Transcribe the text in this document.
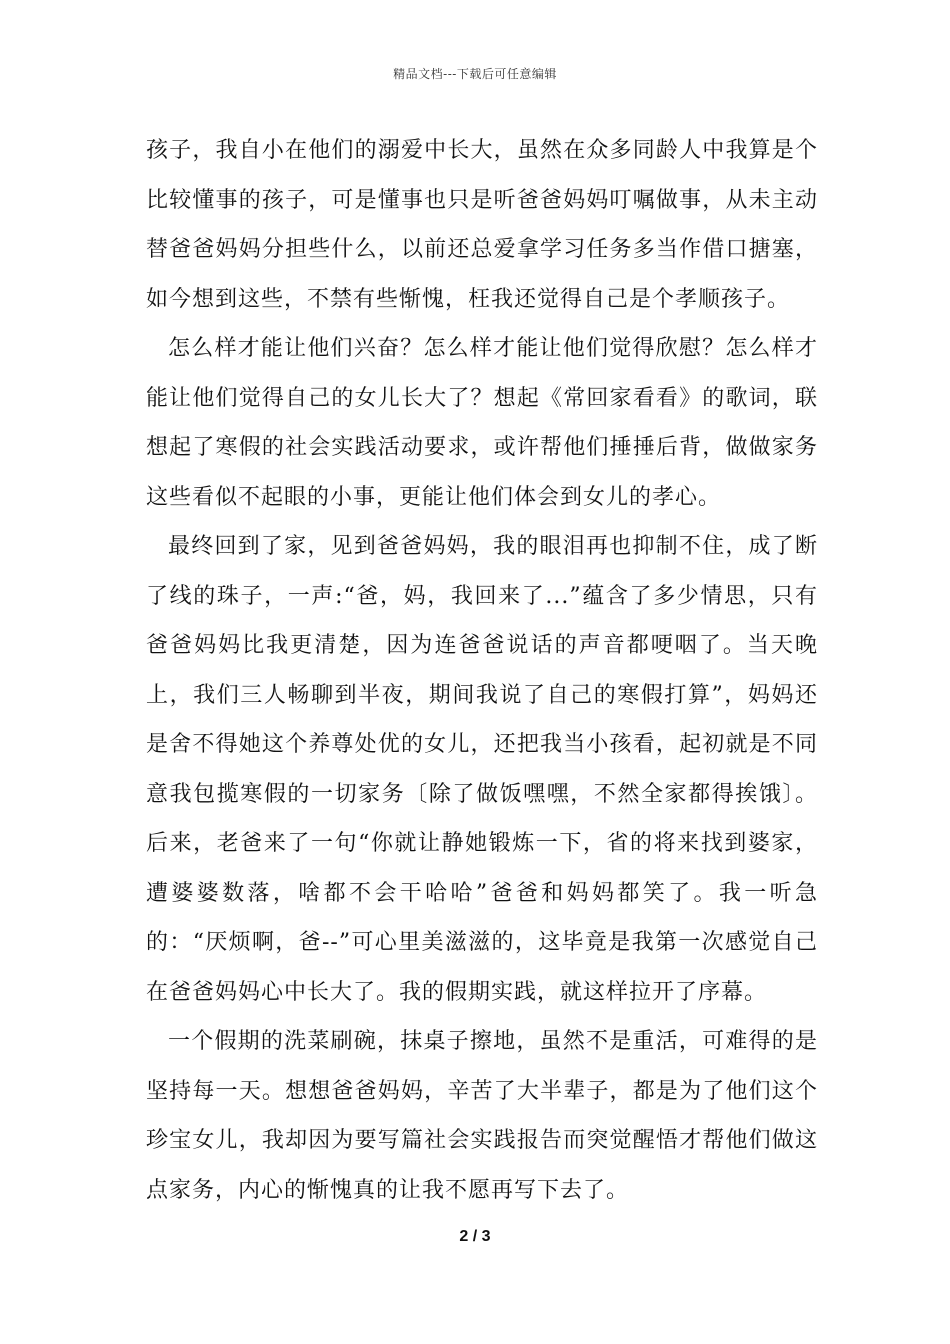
精品文档---下载后可任意编辑

孩子，我自小在他们的溺爱中长大，虽然在众多同龄人中我算是个比较懂事的孩子，可是懂事也只是听爸爸妈妈叮嘱做事，从未主动替爸爸妈妈分担些什么，以前还总爱拿学习任务多当作借口搪塞，如今想到这些，不禁有些惭愧，枉我还觉得自己是个孝顺孩子。

怎么样才能让他们兴奋？怎么样才能让他们觉得欣慰？怎么样才能让他们觉得自己的女儿长大了？想起《常回家看看》的歌词，联想起了寒假的社会实践活动要求，或许帮他们捶捶后背，做做家务这些看似不起眼的小事，更能让他们体会到女儿的孝心。

最终回到了家，见到爸爸妈妈，我的眼泪再也抑制不住，成了断了线的珠子，一声:“爸，妈，我回来了...”蕴含了多少情思，只有爸爸妈妈比我更清楚，因为连爸爸说话的声音都哽咽了。当天晚上，我们三人畅聊到半夜，期间我说了自己的寒假打算”，妈妈还是舍不得她这个养尊处优的女儿，还把我当小孩看，起初就是不同意我包揽寒假的一切家务〔除了做饭嘿嘿，不然全家都得挨饿〕。后来，老爸来了一句“你就让静她锻炼一下，省的将来找到婆家，遭婆婆数落，啥都不会干哈哈”爸爸和妈妈都笑了。我一听急的：“厌烦啊，爸--”可心里美滋滋的，这毕竟是我第一次感觉自己在爸爸妈妈心中长大了。我的假期实践，就这样拉开了序幕。

一个假期的洗菜刷碗，抹桌子擦地，虽然不是重活，可难得的是坚持每一天。想想爸爸妈妈，辛苦了大半辈子，都是为了他们这个珍宝女儿，我却因为要写篇社会实践报告而突觉醒悟才帮他们做这点家务，内心的惭愧真的让我不愿再写下去了。

2 / 3
